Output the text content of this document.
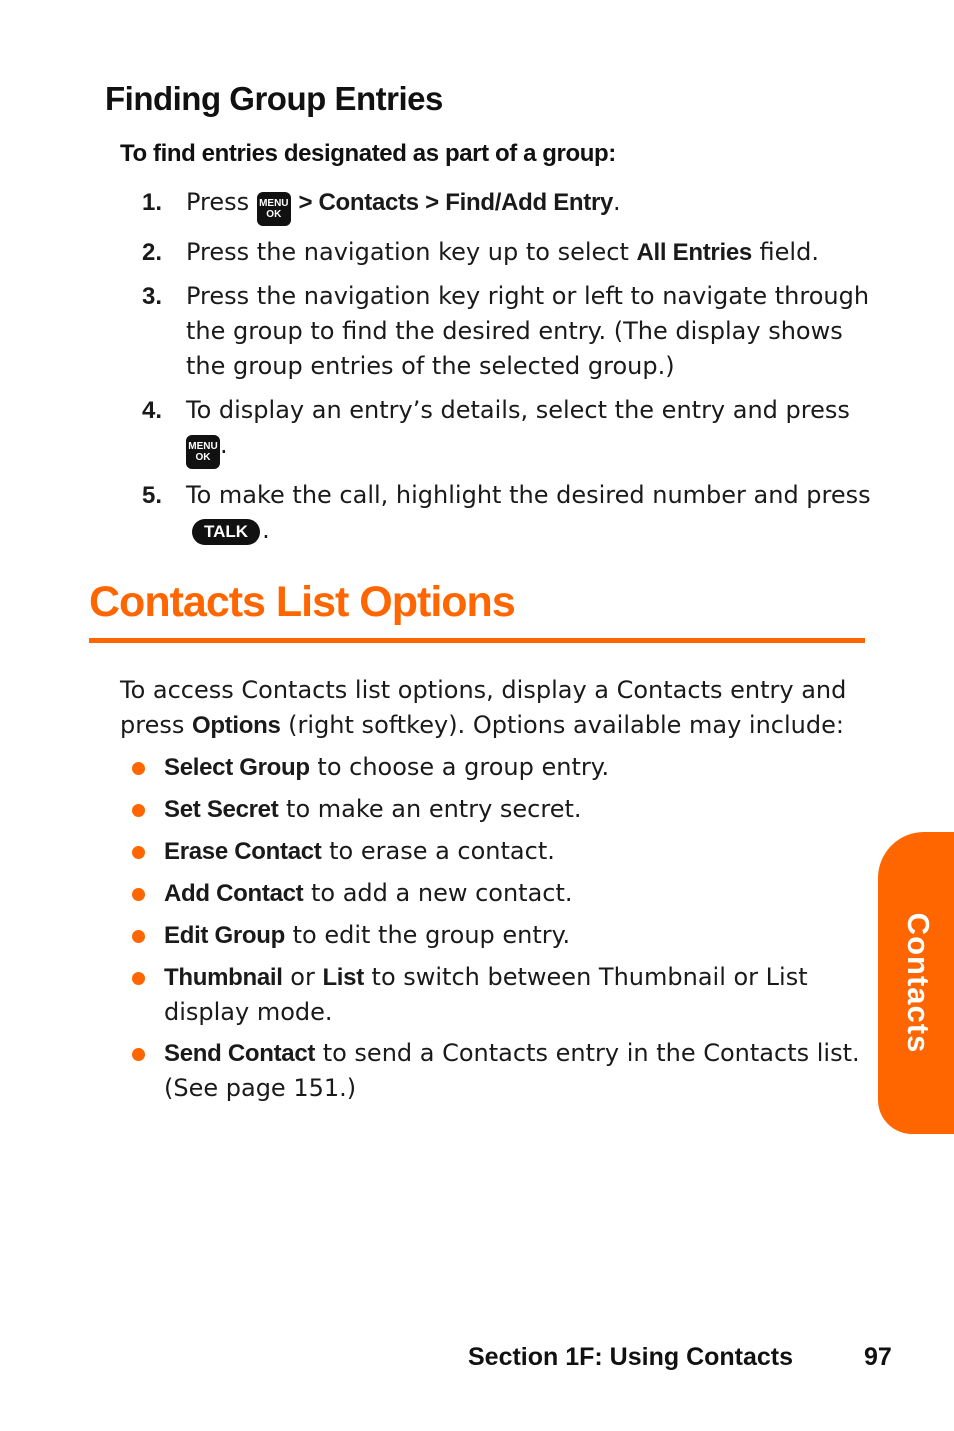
Finding Group Entries

To find entries designated as part of a group:

1. Press MENU
OK > Contacts > Find/Add Entry.
2. Press the navigation key up to select All Entries field.
3. Press the navigation key right or left to navigate through the group to find the desired entry. (The display shows the group entries of the selected group.)
4. To display an entry’s details, select the entry and press MENU
OK .
5. To make the call, highlight the desired number and press TALK .
Contacts List Options

To access Contacts list options, display a Contacts entry and press Options (right softkey). Options available may include:

Select Group to choose a group entry.
Set Secret to make an entry secret.
Erase Contact to erase a contact.
Add Contact to add a new contact.
Edit Group to edit the group entry.
Thumbnail or List to switch between Thumbnail or List display mode.
Send Contact to send a Contacts entry in the Contacts list. (See page 151.)
Contacts
Section 1F: Using Contacts	97
